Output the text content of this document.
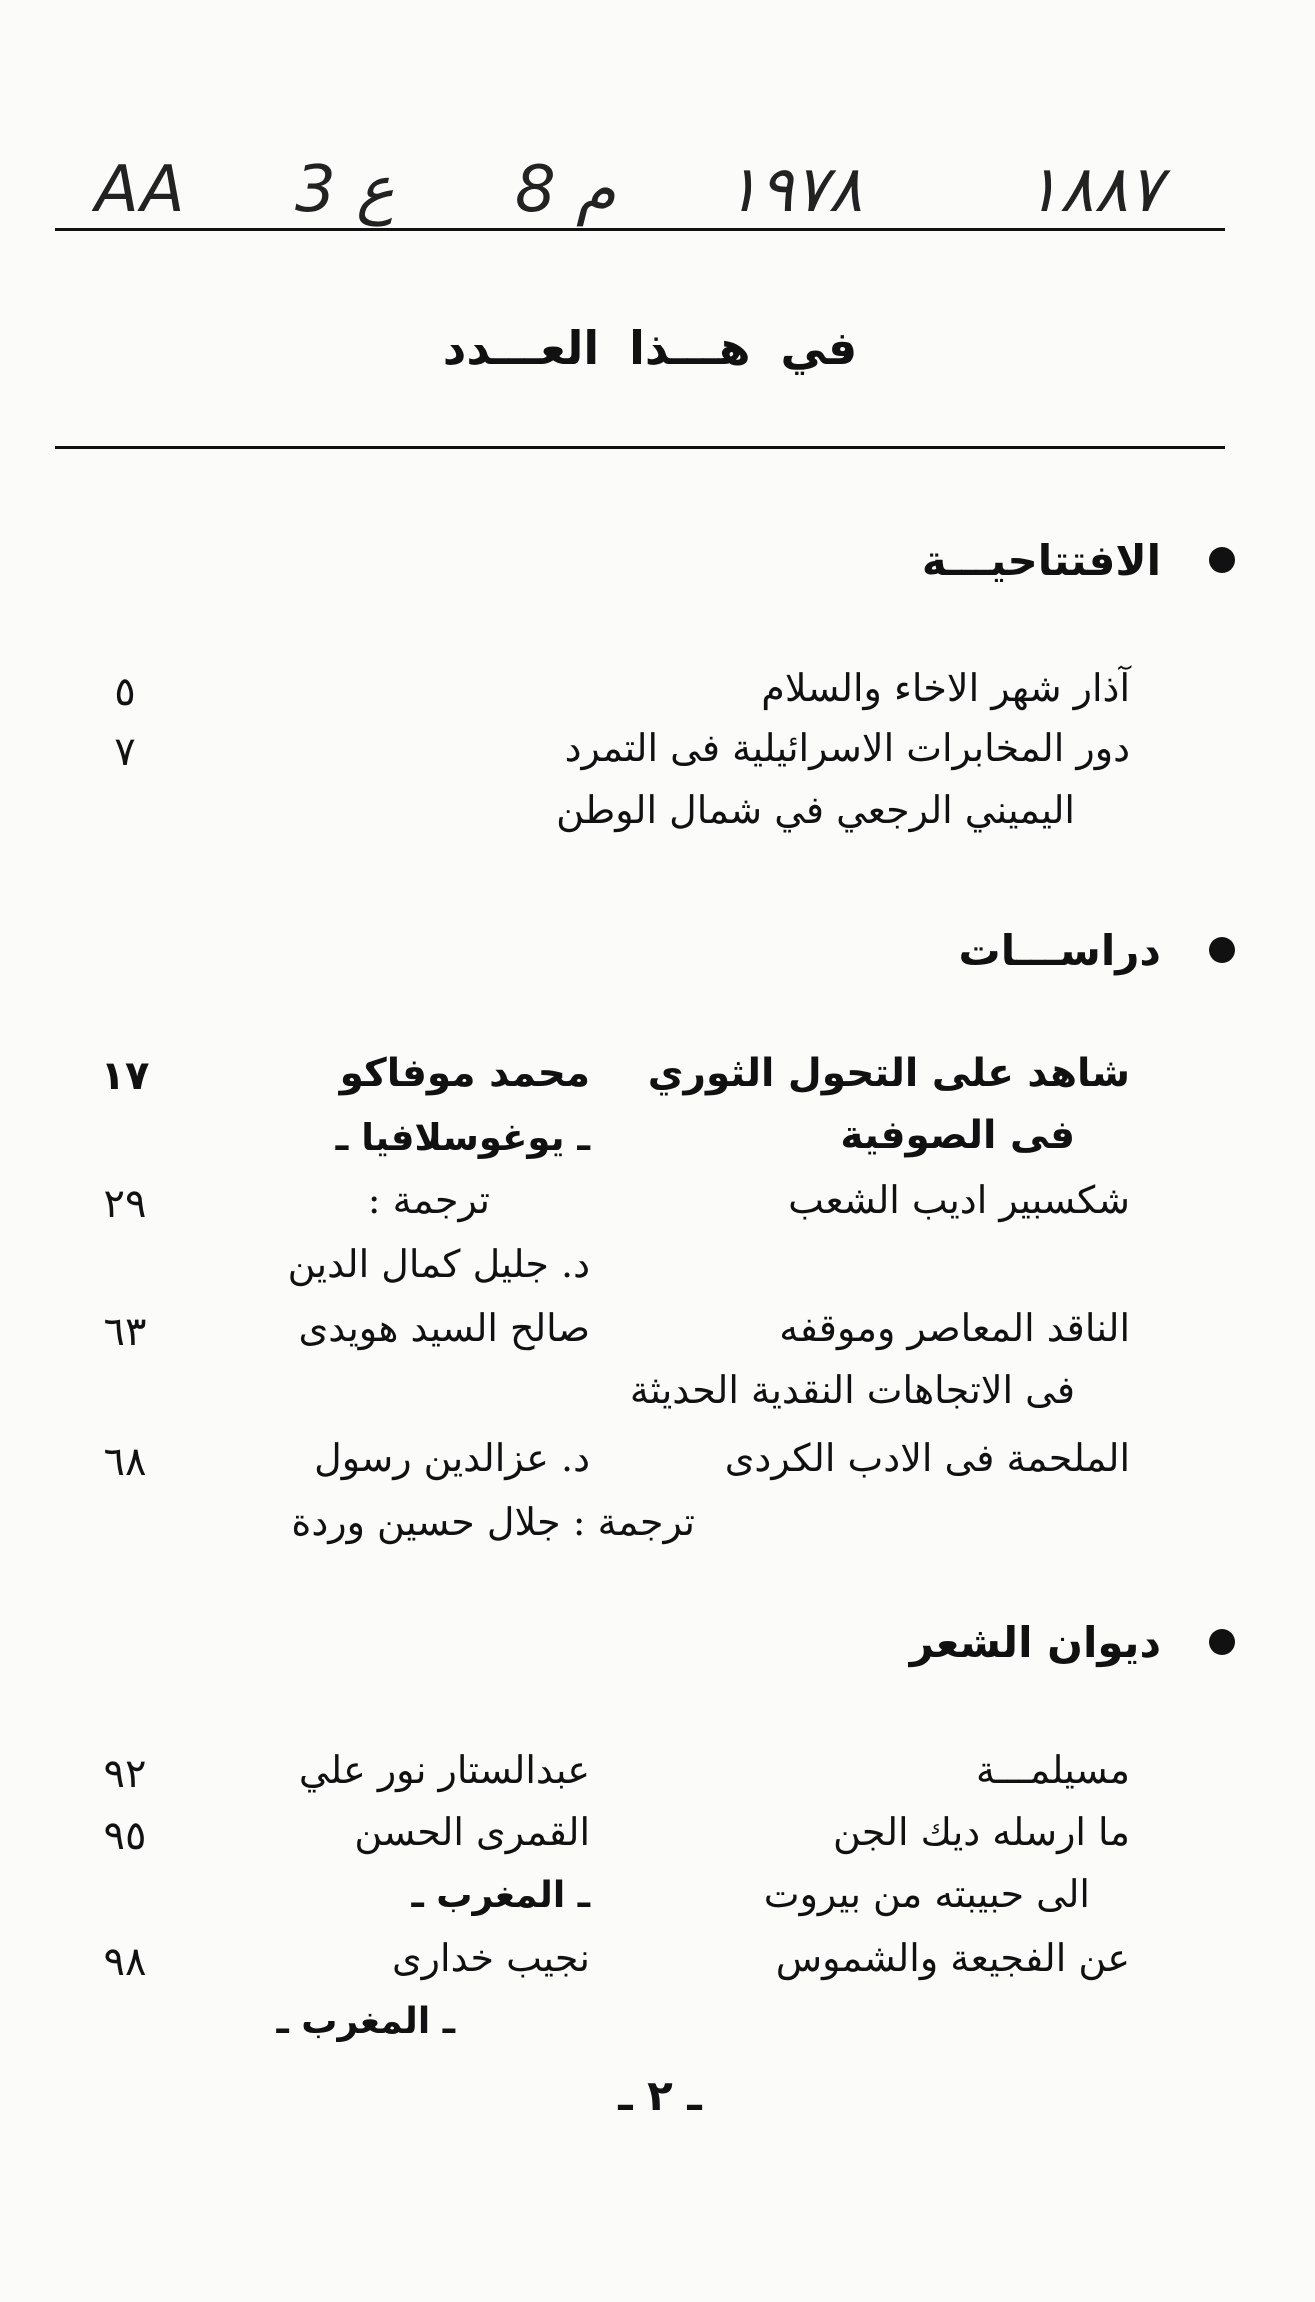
AA 3 ع 8 م ١٩٧٨	١٨٨٧
في هـــذا العـــدد
الافتتاحيـــة
آذار شهر الاخاء والسلام
٥
دور المخابرات الاسرائيلية فى التمرد
٧
اليميني الرجعي في شمال الوطن
دراســـات
شاهد على التحول الثوري
محمد موفاكو
١٧
فى الصوفية
ـ يوغوسلافيا ـ
شكسبير اديب الشعب
ترجمة :
٢٩
د. جليل كمال الدين
الناقد المعاصر وموقفه
صالح السيد هويدى
٦٣
فى الاتجاهات النقدية الحديثة
الملحمة فى الادب الكردى
د. عزالدين رسول
٦٨
ترجمة : جلال حسين وردة
ديوان الشعر
مسيلمـــة
عبدالستار نور علي
٩٢
ما ارسله ديك الجن
القمرى الحسن
٩٥
الى حبيبته من بيروت
ـ المغرب ـ
عن الفجيعة والشموس
نجيب خدارى
٩٨
ـ المغرب ـ
ـ ٢ ـ
